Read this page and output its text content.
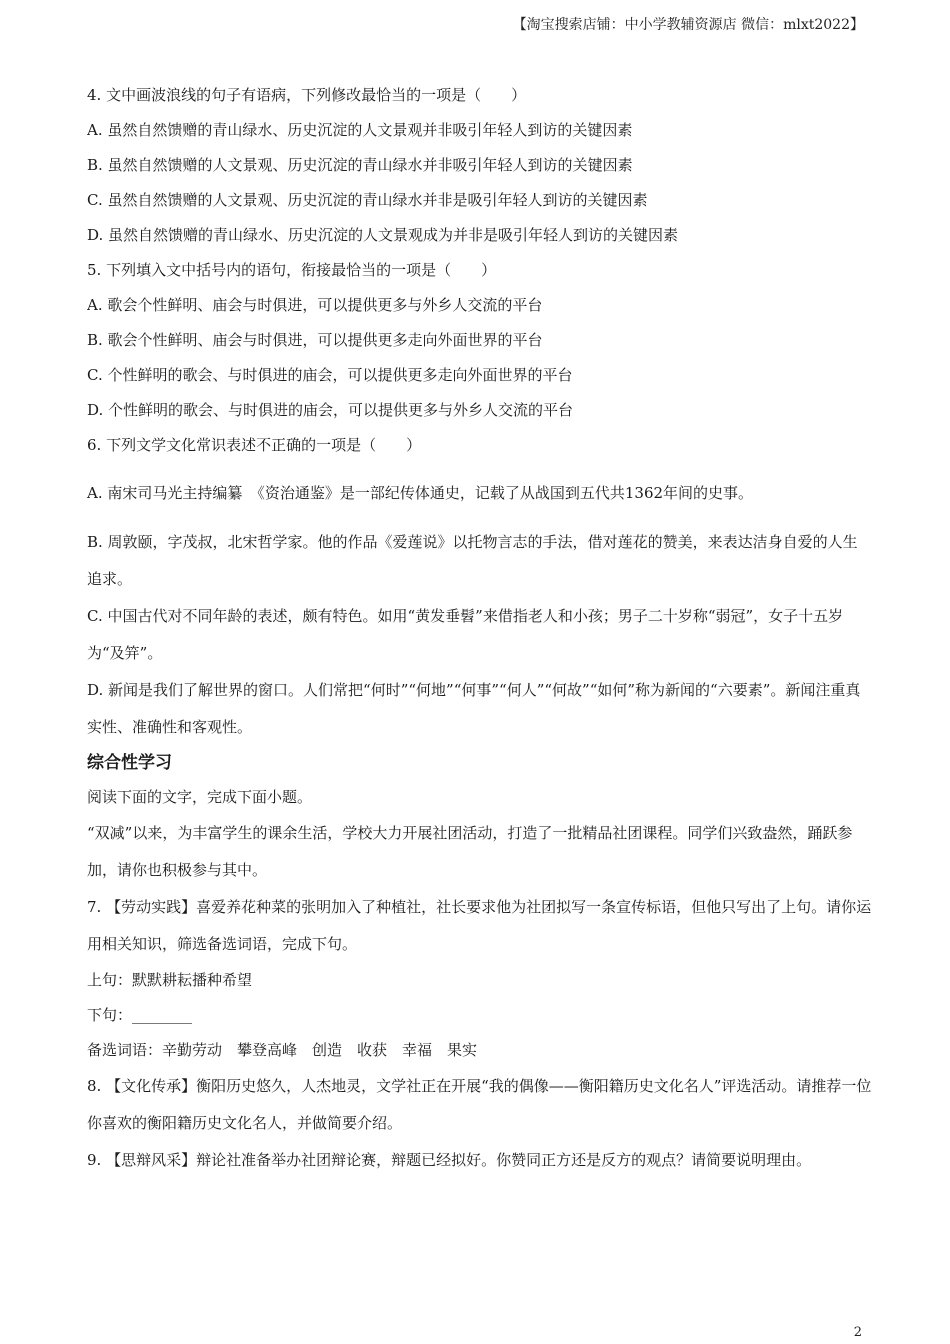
【淘宝搜索店铺：中小学教辅资源店 微信：mlxt2022】
4. 文中画波浪线的句子有语病，下列修改最恰当的一项是（　　）
A. 虽然自然馈赠的青山绿水、历史沉淀的人文景观并非吸引年轻人到访的关键因素
B. 虽然自然馈赠的人文景观、历史沉淀的青山绿水并非吸引年轻人到访的关键因素
C. 虽然自然馈赠的人文景观、历史沉淀的青山绿水并非是吸引年轻人到访的关键因素
D. 虽然自然馈赠的青山绿水、历史沉淀的人文景观成为并非是吸引年轻人到访的关键因素
5. 下列填入文中括号内的语句，衔接最恰当的一项是（　　）
A. 歌会个性鲜明、庙会与时俱进，可以提供更多与外乡人交流的平台
B. 歌会个性鲜明、庙会与时俱进，可以提供更多走向外面世界的平台
C. 个性鲜明的歌会、与时俱进的庙会，可以提供更多走向外面世界的平台
D. 个性鲜明的歌会、与时俱进的庙会，可以提供更多与外乡人交流的平台
6. 下列文学文化常识表述不正确的一项是（　　）
A. 南宋司马光主持编纂　《资治通鉴》是一部纪传体通史，记载了从战国到五代共1362年间的史事。
B. 周敦颐，字茂叔，北宋哲学家。他的作品《爱莲说》以托物言志的手法，借对莲花的赞美，来表达洁身自爱的人生追求。
C. 中国古代对不同年龄的表述，颇有特色。如用“黄发垂髫”来借指老人和小孩；男子二十岁称“弱冠”，女子十五岁为“及笄”。
D. 新闻是我们了解世界的窗口。人们常把“何时”“何地”“何事”“何人”“何故”“如何”称为新闻的“六要素”。新闻注重真实性、准确性和客观性。
综合性学习
阅读下面的文字，完成下面小题。
“双减”以来，为丰富学生的课余生活，学校大力开展社团活动，打造了一批精品社团课程。同学们兴致盎然，踊跃参加，请你也积极参与其中。
7. 【劳动实践】喜爱养花种菜的张明加入了种植社，社长要求他为社团拟写一条宣传标语，但他只写出了上句。请你运用相关知识，筛选备选词语，完成下句。
上句：默默耕耘播种希望
下句：________
备选词语：辛勤劳动　攀登高峰　创造　收获　幸福　果实
8. 【文化传承】衡阳历史悠久，人杰地灵，文学社正在开展“我的偶像——衡阳籍历史文化名人”评选活动。请推荐一位你喜欢的衡阳籍历史文化名人，并做简要介绍。
9. 【思辩风采】辩论社准备举办社团辩论赛，辩题已经拟好。你赞同正方还是反方的观点？请简要说明理由。
2
